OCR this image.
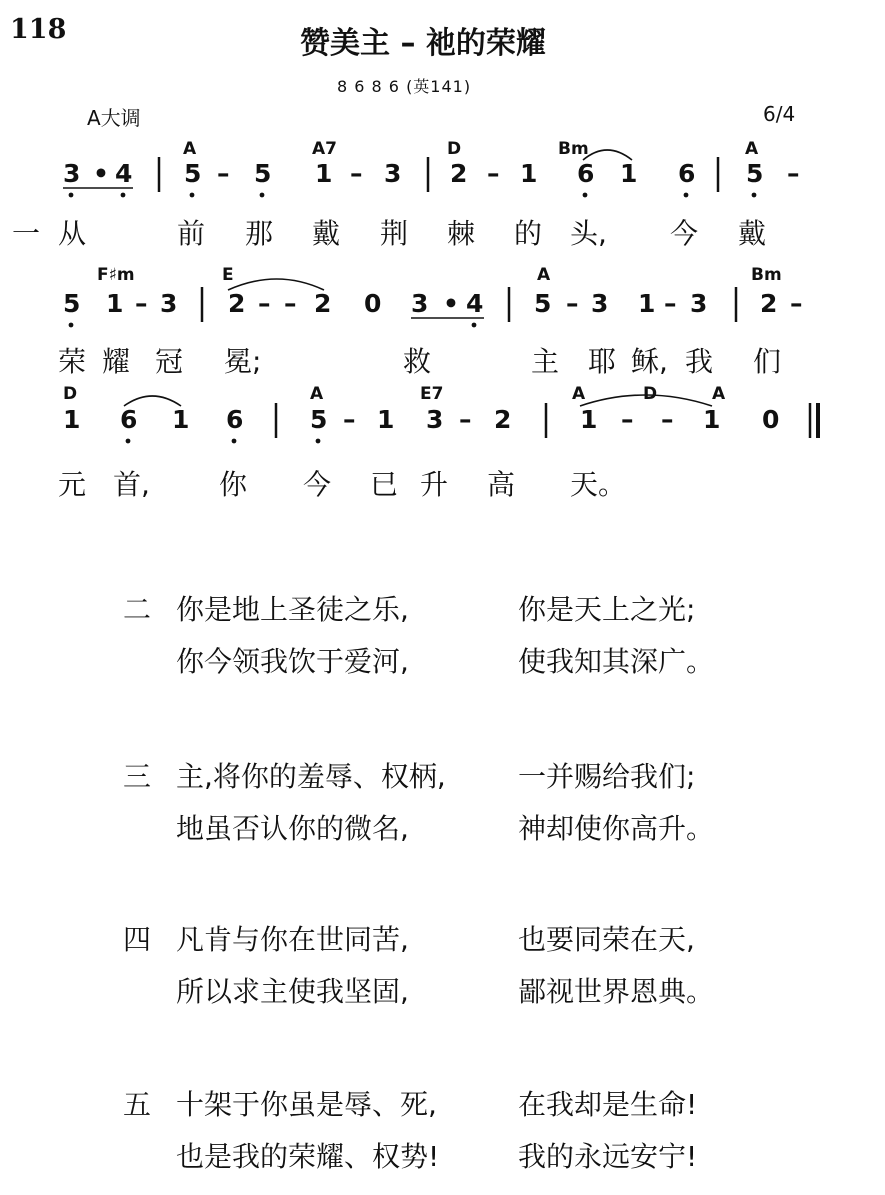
118	赞美主 – 祂的荣耀
8 6 8 6 (英141)
A大调	6/4
A	A7	D	Bm	A
3 • 4 5 – 5 1 – 3 2 – 1 6 1 6 5 –
一 从	前 那 戴 荆 棘 的 头, 今 戴
F♯m	E	A	Bm
5 1 – 3 2 – – 2 0 3 • 4 5 – 3 1 – 3 2 –
荣 耀 冠 冕;	救	主 耶 稣, 我 们
D	A	E7	A	D	A
1 6 1 6	5 – 1 3 – 2	1 – – 1 0
元 首, 你 今 已 升 高 天。
二 你是地上圣徒之乐,	你是天上之光;
你今领我饮于爱河,	使我知其深广。
三 主,将你的羞辱、权柄,	一并赐给我们;
地虽否认你的微名,	神却使你高升。
四 凡肯与你在世同苦,	也要同荣在天,
所以求主使我坚固,	鄙视世界恩典。
五 十架于你虽是辱、死,	在我却是生命!
也是我的荣耀、权势!	我的永远安宁!
